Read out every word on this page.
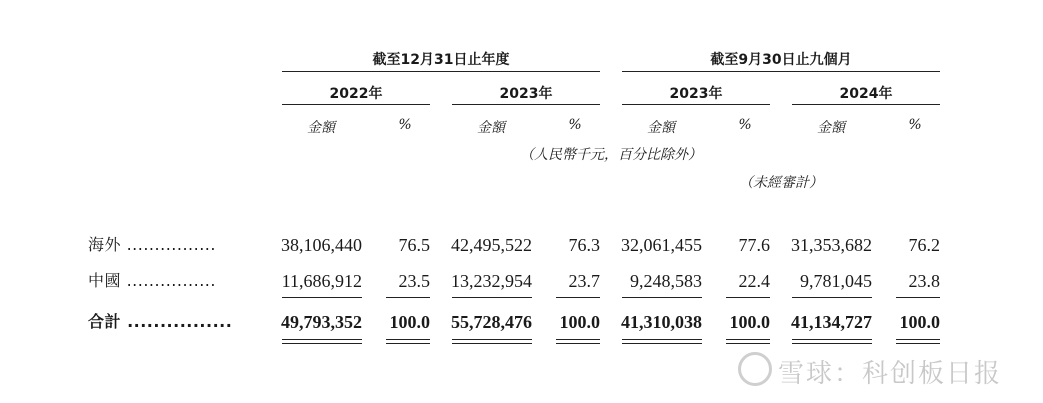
截至12月31日止年度	截至9月30日止九個月
2022年	2023年	2023年	2024年
金額	%	金額	%	金額	%	金額	%
（人民幣千元，百分比除外）
（未經審計）
海外 ................	38,106,440	76.5	42,495,522	76.3	32,061,455	77.6	31,353,682	76.2
中國 ................	11,686,912	23.5	13,232,954	23.7	9,248,583	22.4	9,781,045	23.8
合計 ................	49,793,352	100.0	55,728,476	100.0	41,310,038	100.0	41,134,727	100.0
雪球：科创板日报
